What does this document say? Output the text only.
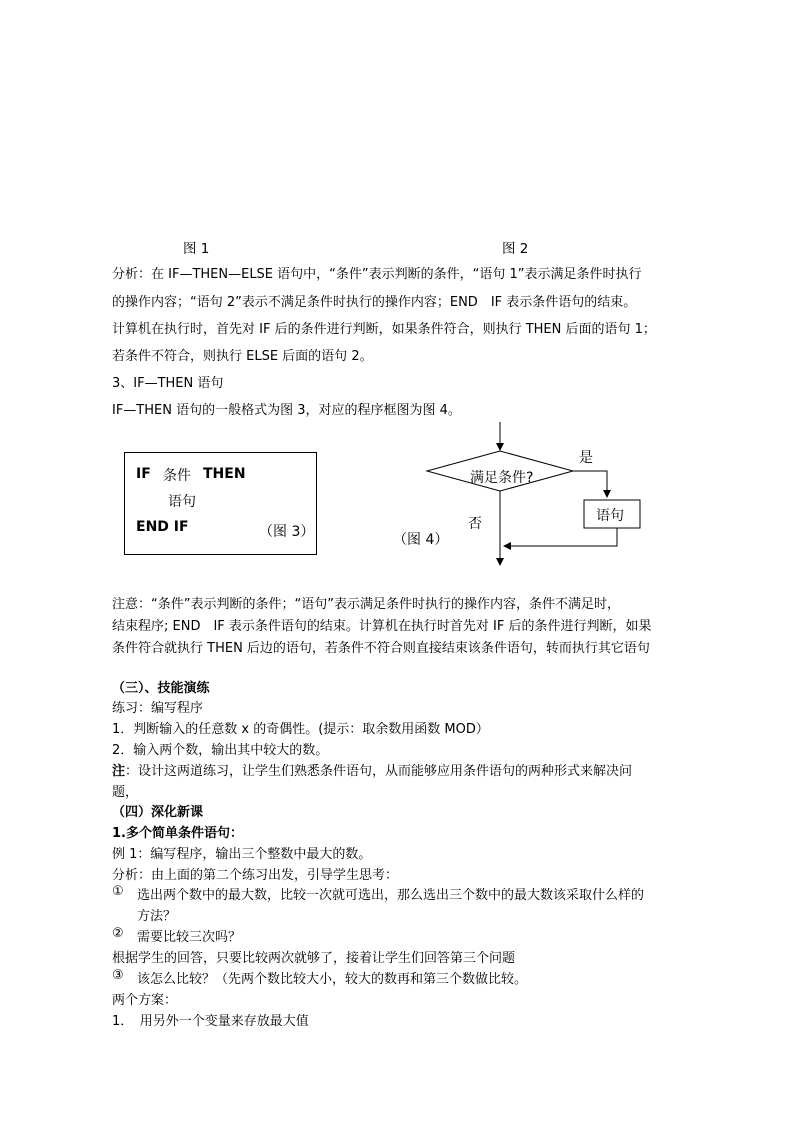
图 1	图 2
分析：在 IF—THEN—ELSE 语句中，“条件”表示判断的条件，“语句 1”表示满足条件时执行
的操作内容；“语句 2”表示不满足条件时执行的操作内容；END　IF 表示条件语句的结束。
计算机在执行时，首先对 IF 后的条件进行判断，如果条件符合，则执行 THEN 后面的语句 1；
若条件不符合，则执行 ELSE 后面的语句 2。
3、IF—THEN 语句
IF—THEN 语句的一般格式为图 3，对应的程序框图为图 4。
IF 条件 THEN
语句
END IF	（图 3）
满足条件?
是
语句
否
（图 4）
注意：“条件”表示判断的条件；“语句”表示满足条件时执行的操作内容，条件不满足时，
结束程序; END　IF 表示条件语句的结束。计算机在执行时首先对 IF 后的条件进行判断，如果
条件符合就执行 THEN 后边的语句，若条件不符合则直接结束该条件语句，转而执行其它语句
（三）、技能演练
练习：编写程序
1．判断输入的任意数 x 的奇偶性。(提示：取余数用函数 MOD）
2．输入两个数，输出其中较大的数。
注：设计这两道练习，让学生们熟悉条件语句，从而能够应用条件语句的两种形式来解决问
题，
（四）深化新课
1.多个简单条件语句：
例 1：编写程序，输出三个整数中最大的数。
分析：由上面的第二个练习出发，引导学生思考：
① 选出两个数中的最大数，比较一次就可选出，那么选出三个数中的最大数该采取什么样的
方法？
② 需要比较三次吗？
根据学生的回答，只要比较两次就够了，接着让学生们回答第三个问题
③ 该怎么比较？（先两个数比较大小，较大的数再和第三个数做比较。
两个方案：
1．　用另外一个变量来存放最大值
